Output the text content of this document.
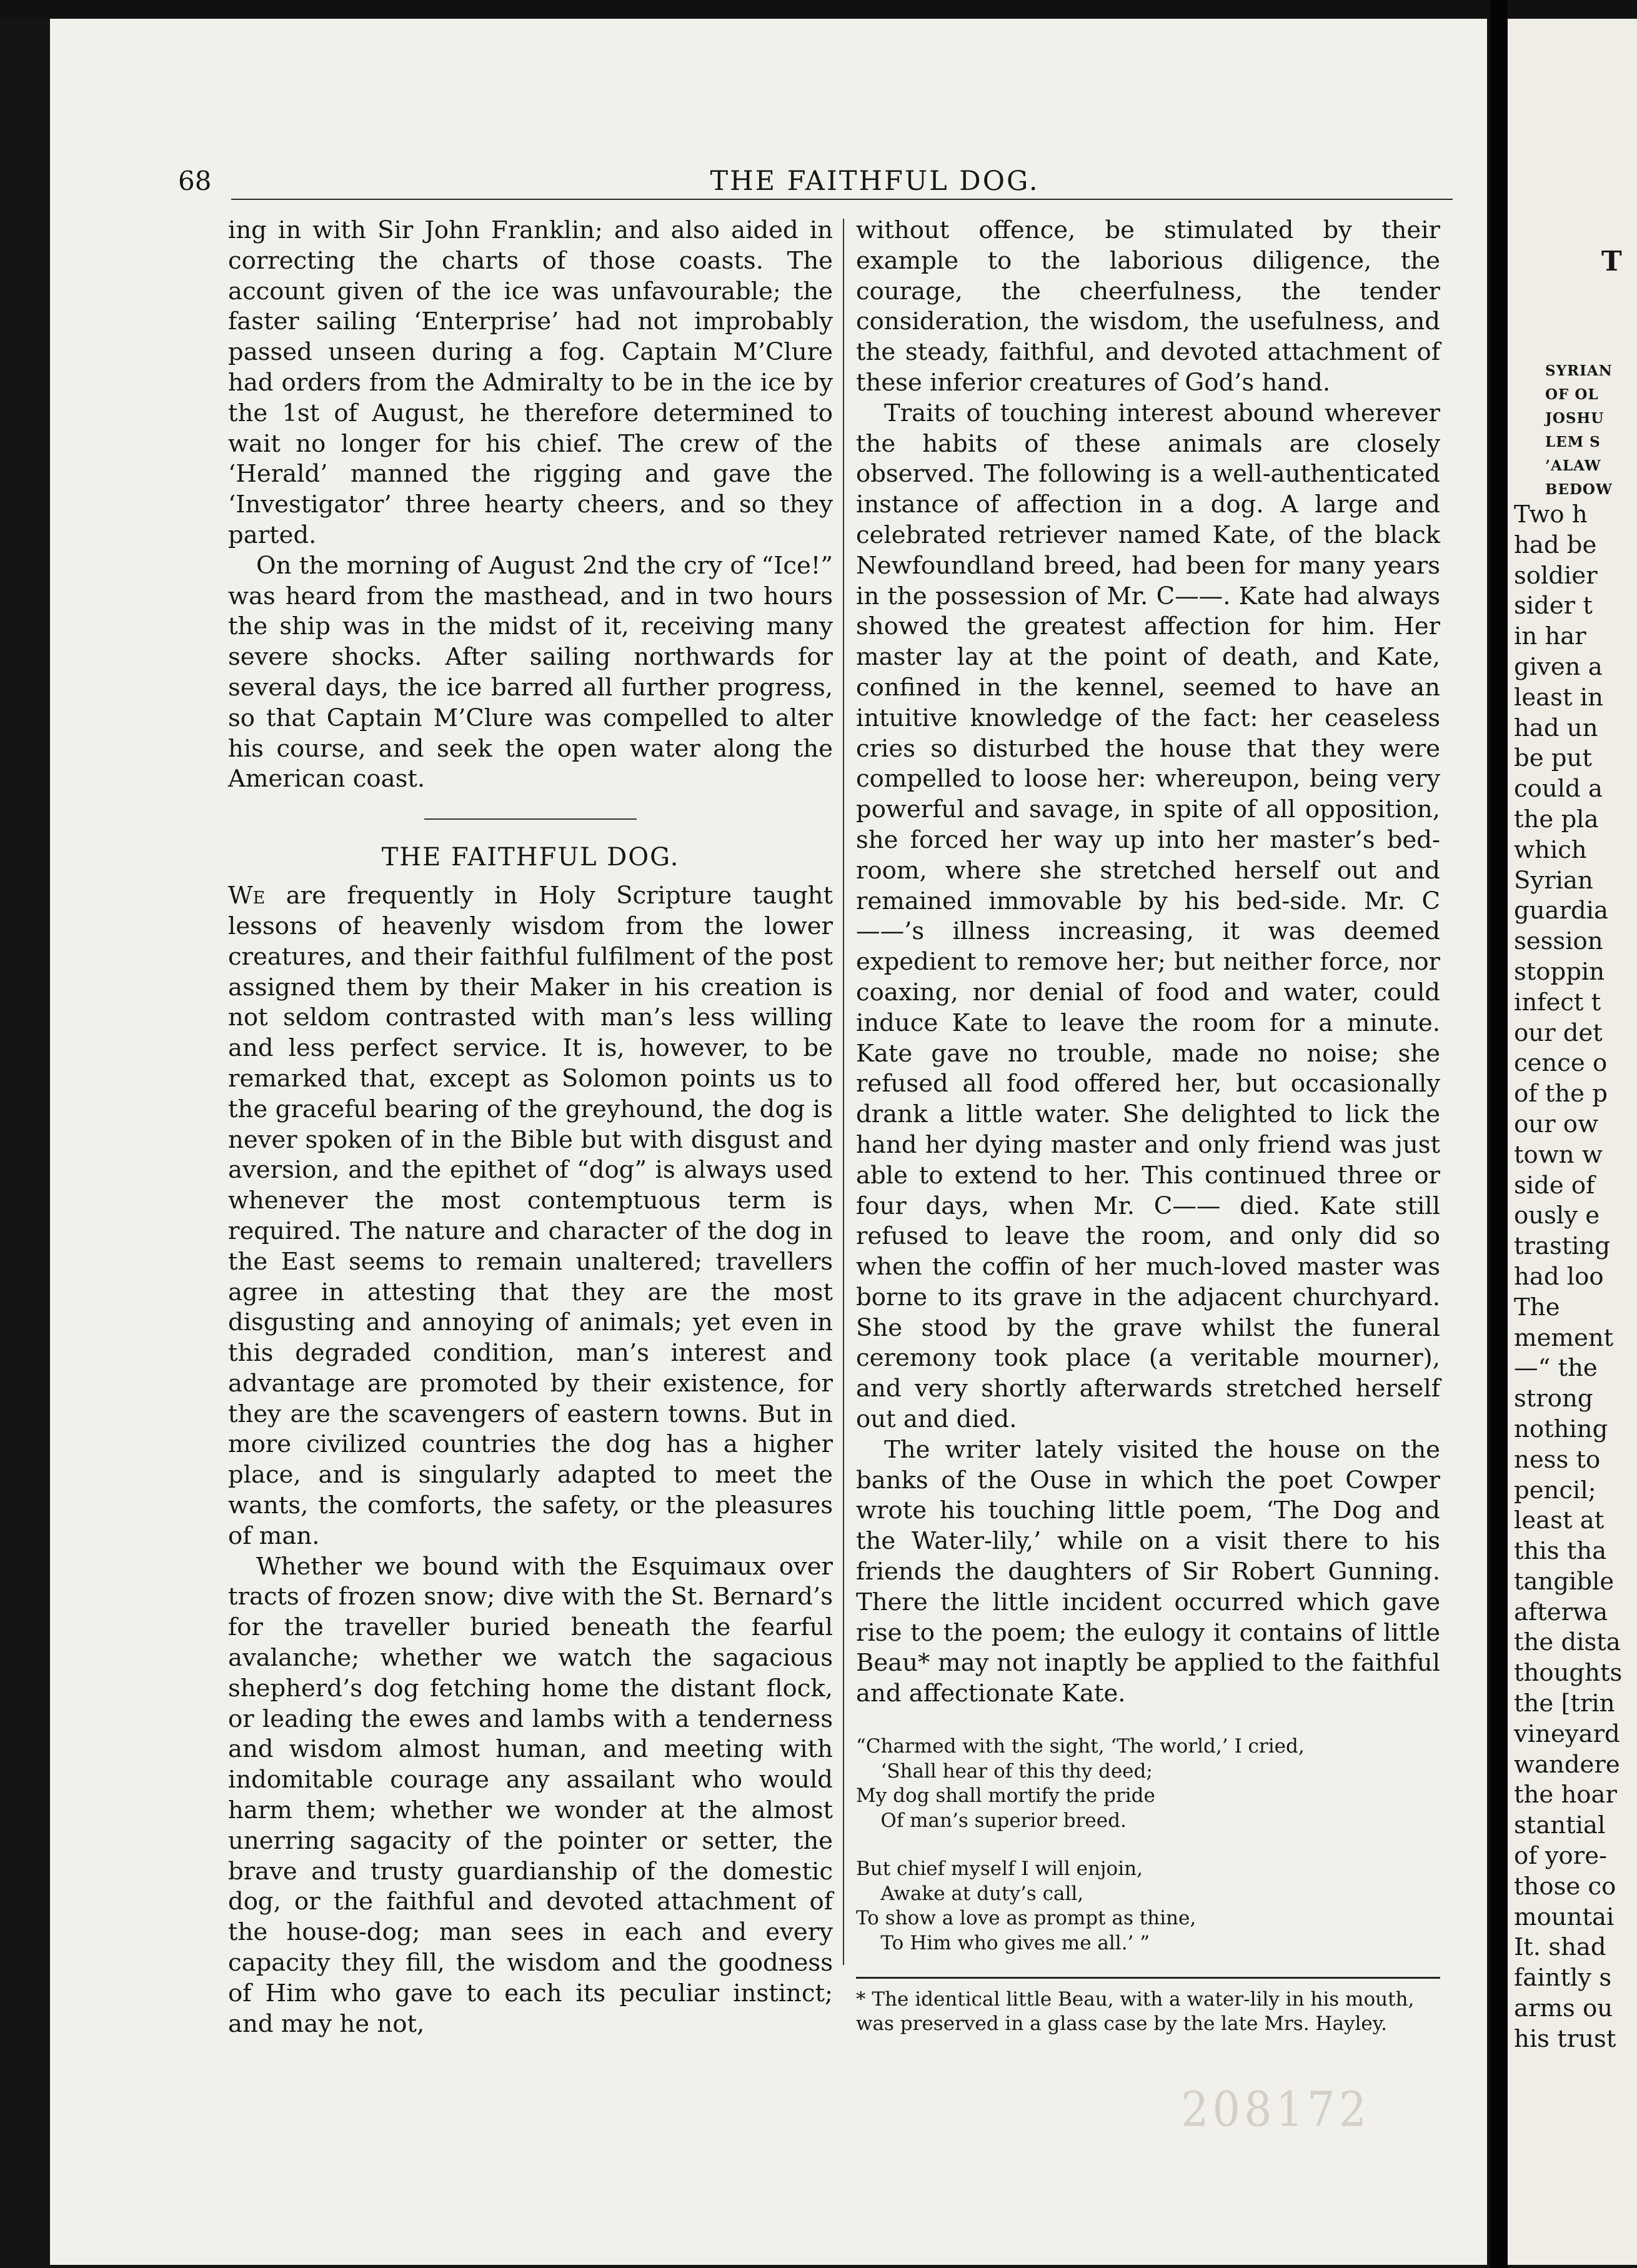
68	THE FAITHFUL DOG.

ing in with Sir John Franklin; and also aided in correcting the charts of those coasts. The account given of the ice was unfavourable; the faster sailing ‘Enterprise’ had not improbably passed unseen during a fog. Captain M’Clure had orders from the Admiralty to be in the ice by the 1st of August, he therefore determined to wait no longer for his chief. The crew of the ‘Herald’ manned the rigging and gave the ‘Investigator’ three hearty cheers, and so they parted.

On the morning of August 2nd the cry of “Ice!” was heard from the masthead, and in two hours the ship was in the midst of it, receiving many severe shocks. After sailing northwards for several days, the ice barred all further progress, so that Captain M’Clure was compelled to alter his course, and seek the open water along the American coast.

THE FAITHFUL DOG.

We are frequently in Holy Scripture taught lessons of heavenly wisdom from the lower creatures, and their faithful fulfilment of the post assigned them by their Maker in his creation is not seldom contrasted with man’s less willing and less perfect service. It is, however, to be remarked that, except as Solomon points us to the graceful bearing of the greyhound, the dog is never spoken of in the Bible but with disgust and aversion, and the epithet of “dog” is always used whenever the most contemptuous term is required. The nature and character of the dog in the East seems to remain unaltered; travellers agree in attesting that they are the most disgusting and annoying of animals; yet even in this degraded condition, man’s interest and advantage are promoted by their existence, for they are the scavengers of eastern towns. But in more civilized countries the dog has a higher place, and is singularly adapted to meet the wants, the comforts, the safety, or the pleasures of man.

Whether we bound with the Esquimaux over tracts of frozen snow; dive with the St. Bernard’s for the traveller buried beneath the fearful avalanche; whether we watch the sagacious shepherd’s dog fetching home the distant flock, or leading the ewes and lambs with a tenderness and wisdom almost human, and meeting with indomitable courage any assailant who would harm them; whether we wonder at the almost unerring sagacity of the pointer or setter, the brave and trusty guardianship of the domestic dog, or the faithful and devoted attachment of the house-dog; man sees in each and every capacity they fill, the wisdom and the goodness of Him who gave to each its peculiar instinct; and may he not,

without offence, be stimulated by their example to the laborious diligence, the courage, the cheerfulness, the tender consideration, the wisdom, the usefulness, and the steady, faithful, and devoted attachment of these inferior creatures of God’s hand.

Traits of touching interest abound wherever the habits of these animals are closely observed. The following is a well-authenticated instance of affection in a dog. A large and celebrated retriever named Kate, of the black Newfoundland breed, had been for many years in the possession of Mr. C——. Kate had always showed the greatest affection for him. Her master lay at the point of death, and Kate, confined in the kennel, seemed to have an intuitive knowledge of the fact: her ceaseless cries so disturbed the house that they were compelled to loose her: whereupon, being very powerful and savage, in spite of all opposition, she forced her way up into her master’s bed-room, where she stretched herself out and remained immovable by his bed-side. Mr. C——’s illness increasing, it was deemed expedient to remove her; but neither force, nor coaxing, nor denial of food and water, could induce Kate to leave the room for a minute. Kate gave no trouble, made no noise; she refused all food offered her, but occasionally drank a little water. She delighted to lick the hand her dying master and only friend was just able to extend to her. This continued three or four days, when Mr. C—— died. Kate still refused to leave the room, and only did so when the coffin of her much-loved master was borne to its grave in the adjacent churchyard. She stood by the grave whilst the funeral ceremony took place (a veritable mourner), and very shortly afterwards stretched herself out and died.

The writer lately visited the house on the banks of the Ouse in which the poet Cowper wrote his touching little poem, ‘The Dog and the Water-lily,’ while on a visit there to his friends the daughters of Sir Robert Gunning. There the little incident occurred which gave rise to the poem; the eulogy it contains of little Beau* may not inaptly be applied to the faithful and affectionate Kate.

“Charmed with the sight, ‘The world,’ I cried,
‘Shall hear of this thy deed;
My dog shall mortify the pride
Of man’s superior breed.
But chief myself I will enjoin,
Awake at duty’s call,
To show a love as prompt as thine,
To Him who gives me all.’ ”
* The identical little Beau, with a water-lily in his mouth, was preserved in a glass case by the late Mrs. Hayley.
208172
T
SYRIAN
OF OL
JOSHU
LEM S
’ALAW
BEDOW
Two h
had be
soldier
sider t
in har
given a
least in
had un
be put
could a
the pla
which
Syrian
guardia
session
stoppin
infect t
our det
cence o
of the p
our ow
town w
side of
ously e
trasting
had loo
The
mement
—“ the
strong
nothing
ness to
pencil;
least at
this tha
tangible
afterwa
the dista
thoughts
the [trin
vineyard
wandere
the hoar
stantial
of yore-
those co
mountai
It. shad
faintly s
arms ou
his trust
